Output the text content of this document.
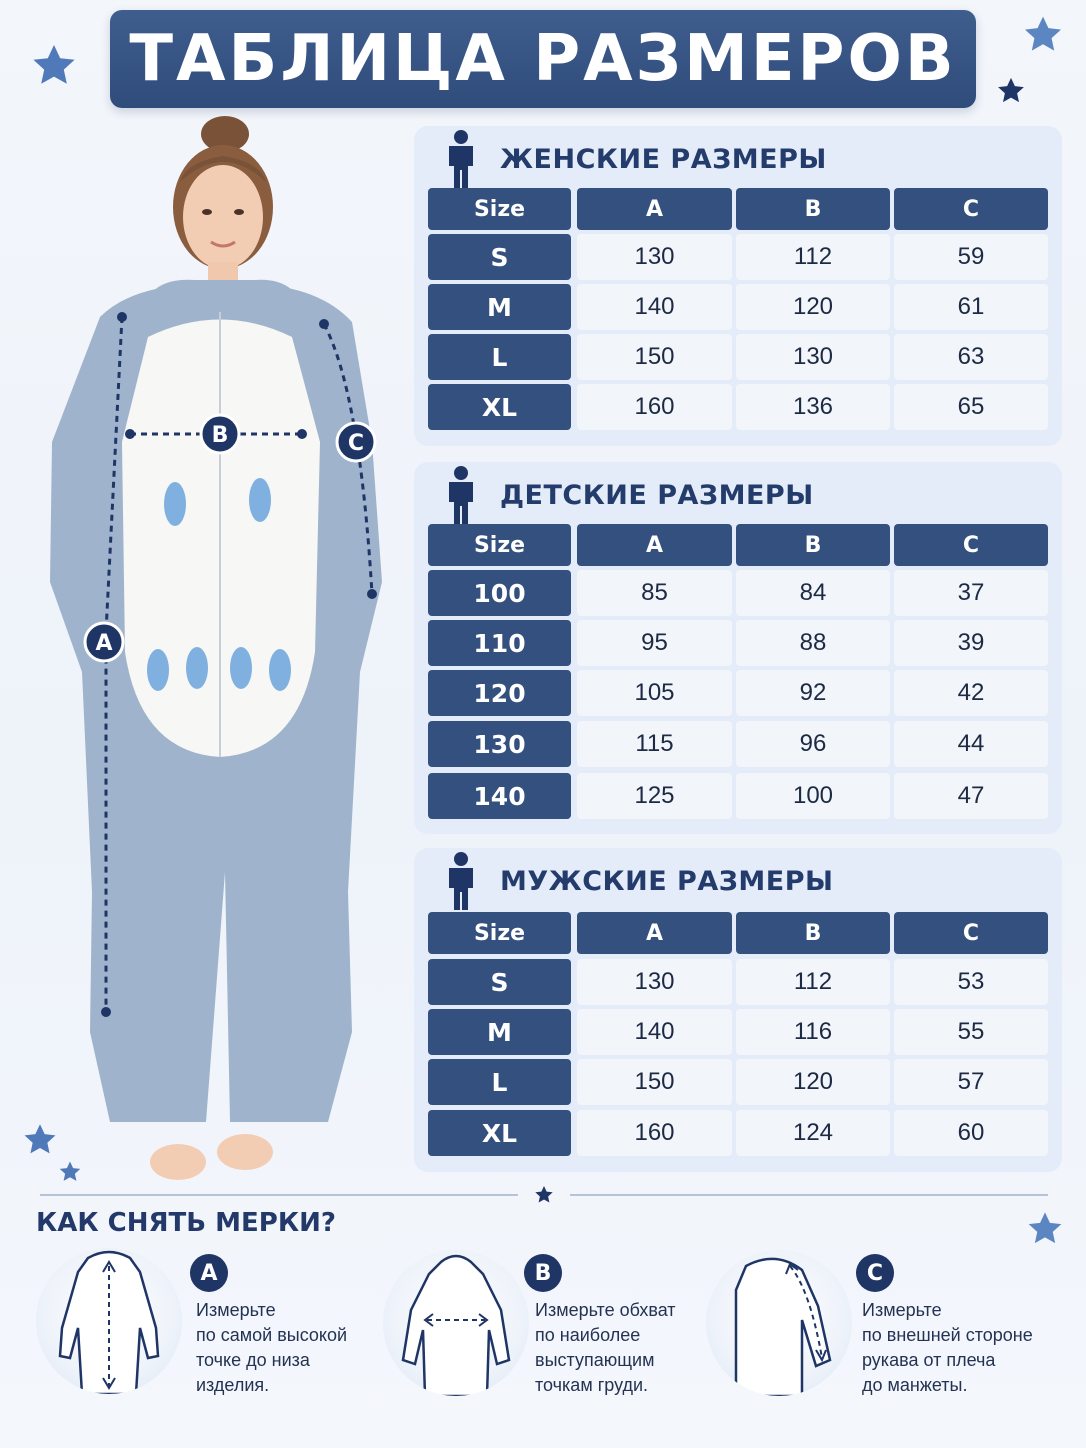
ТАБЛИЦА РАЗМЕРОВ
A
B	C
ЖЕНСКИЕ РАЗМЕРЫ
Size	A	B	C
S	130	112	59
M	140	120	61
L	150	130	63
XL	160	136	65
ДЕТСКИЕ РАЗМЕРЫ
Size	A	B	C
100	85	84	37
110	95	88	39
120	105	92	42
130	115	96	44
140	125	100	47
МУЖСКИЕ РАЗМЕРЫ
Size	A	B	C
S	130	112	53
M	140	116	55
L	150	120	57
XL	160	124	60
КАК СНЯТЬ МЕРКИ?
A
Измерьте
по самой высокой
точке до низа
изделия.
B
Измерьте обхват
по наиболее
выступающим
точкам груди.
C
Измерьте
по внешней стороне
рукава от плеча
до манжеты.
